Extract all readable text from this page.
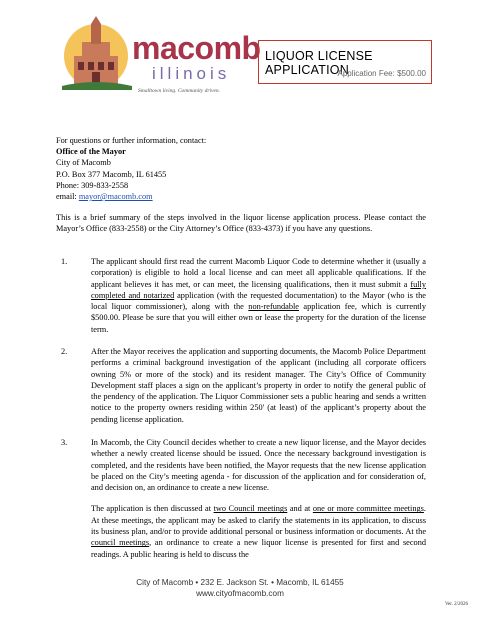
macomb
illinois
Smalltown living. Community driven.
LIQUOR LICENSE APPLICATION
Application Fee: $500.00
For questions or further information, contact:
Office of the Mayor
City of Macomb
P.O. Box 377 Macomb, IL 61455
Phone: 309-833-2558
email: mayor@macomb.com
This is a brief summary of the steps involved in the liquor license application process. Please contact the Mayor’s Office (833-2558) or the City Attorney’s Office (833-4373) if you have any questions.
1.	The applicant should first read the current Macomb Liquor Code to determine whether it (usually a corporation) is eligible to hold a local license and can meet all applicable qualifications. If the applicant believes it has met, or can meet, the licensing qualifications, then it must submit a fully completed and notarized application (with the requested documentation) to the Mayor (who is the local liquor commissioner), along with the non-refundable application fee, which is currently $500.00. Please be sure that you will either own or lease the property for the duration of the license term.
2.	After the Mayor receives the application and supporting documents, the Macomb Police Department performs a criminal background investigation of the applicant (including all corporate officers owning 5% or more of the stock) and its resident manager. The City’s Office of Community Development staff places a sign on the applicant’s property in order to notify the general public of the pendency of the application. The Liquor Commissioner sets a public hearing and sends a written notice to the property owners residing within 250' (at least) of the applicant’s property about the pending license application.
3.	In Macomb, the City Council decides whether to create a new liquor license, and the Mayor decides whether a newly created license should be issued. Once the necessary background investigation is completed, and the residents have been notified, the Mayor requests that the new license application be placed on the City’s meeting agenda - for discussion of the application and for consideration of, and decision on, an ordinance to create a new license.
The application is then discussed at two Council meetings and at one or more committee meetings. At these meetings, the applicant may be asked to clarify the statements in its application, to discuss its business plan, and/or to provide additional personal or business information or documents. At the council meetings, an ordinance to create a new liquor license is presented for first and second readings. A public hearing is held to discuss the
City of Macomb • 232 E. Jackson St. • Macomb, IL 61455
www.cityofmacomb.com
Ver. 2/2026
